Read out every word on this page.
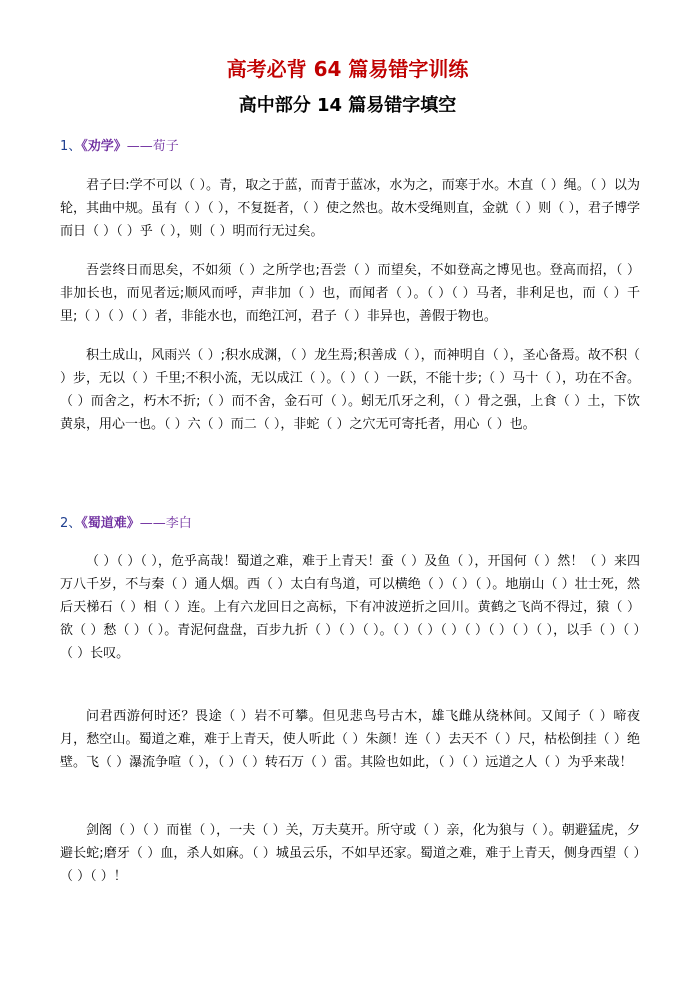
高考必背 64 篇易错字训练
高中部分 14 篇易错字填空
1、《劝学》——荀子

君子曰:学不可以（ ）。青，取之于蓝，而青于蓝冰，水为之，而寒于水。木直（ ）绳。（ ）以为轮，其曲中规。虽有（ ）（ ），不复挺者，（ ）使之然也。故木受绳则直，金就（ ）则（ ），君子博学而日（ ）（ ）乎（ ），则（ ）明而行无过矣。

吾尝终日而思矣，不如须（ ）之所学也;吾尝（ ）而望矣，不如登高之博见也。登高而招，（ ）非加长也，而见者远;顺风而呼，声非加（ ）也，而闻者（ ）。（ ）（ ）马者，非利足也，而（ ）千里;（ ）（ ）（ ）者，非能水也，而绝江河，君子（ ）非异也，善假于物也。

积土成山，风雨兴（ ）;积水成渊，（ ）龙生焉;积善成（ ），而神明自（ ），圣心备焉。故不积（ ）步，无以（ ）千里;不积小流，无以成江（ ）。（ ）（ ）一跃，不能十步;（ ）马十（ ），功在不舍。（ ）而舍之，朽木不折;（ ）而不舍，金石可（ ）。蚓无爪牙之利，（ ）骨之强，上食（ ）土，下饮黄泉，用心一也。（ ）六（ ）而二（ ），非蛇（ ）之穴无可寄托者，用心（ ）也。

2、《蜀道难》——李白

（ ）（ ）（ ），危乎高哉！蜀道之难，难于上青天！蚕（ ）及鱼（ ），开国何（ ）然！（ ）来四万八千岁，不与秦（ ）通人烟。西（ ）太白有鸟道，可以横绝（ ）（ ）（ ）。地崩山（ ）壮士死，然后天梯石（ ）相（ ）连。上有六龙回日之高标，下有冲波逆折之回川。黄鹤之飞尚不得过，猿（ ）欲（ ）愁（ ）（ ）。青泥何盘盘，百步九折（ ）（ ）（ ）。（ ）（ ）（ ）（ ）（ ）（ ）（ ），以手（ ）（ ）（ ）长叹。

问君西游何时还？畏途（ ）岩不可攀。但见悲鸟号古木，雄飞雌从绕林间。又闻子（ ）啼夜月，愁空山。蜀道之难，难于上青天，使人听此（ ）朱颜！连（ ）去天不（ ）尺，枯松倒挂（ ）绝壁。飞（ ）瀑流争喧（ ），（ ）（ ）转石万（ ）雷。其险也如此，（ ）（ ）远道之人（ ）为乎来哉！

剑阁（ ）（ ）而崔（ ），一夫（ ）关，万夫莫开。所守或（ ）亲，化为狼与（ ）。朝避猛虎，夕避长蛇;磨牙（ ）血，杀人如麻。（ ）城虽云乐，不如早还家。蜀道之难，难于上青天，侧身西望（ ）（ ）（ ）！
